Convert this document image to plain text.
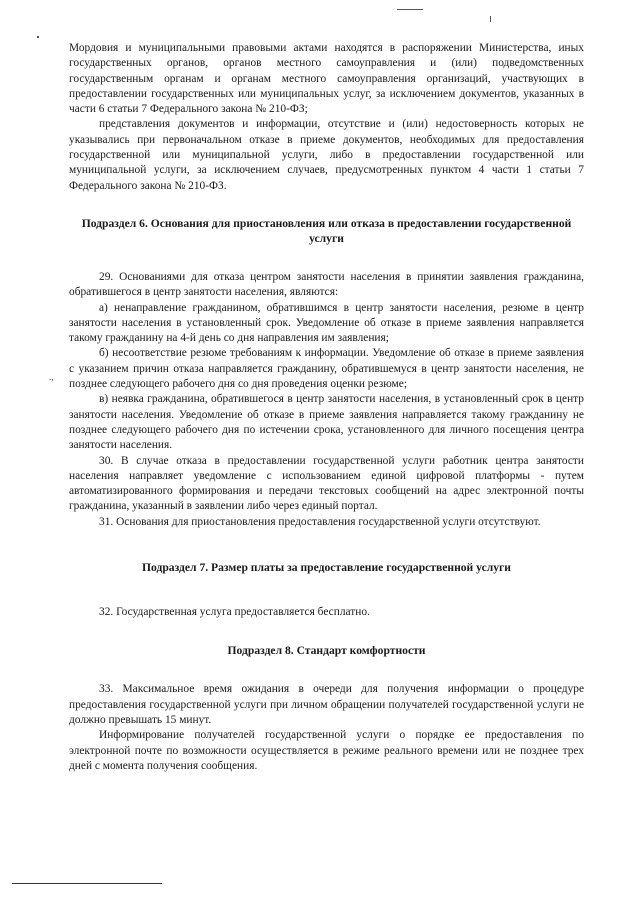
.,

Мордовия и муниципальными правовыми актами находятся в распоряжении Министерства, иных государственных органов, органов местного самоуправления и (или) подведомственных государственным органам и органам местного самоуправления организаций, участвующих в предоставлении государственных или муниципальных услуг, за исключением документов, указанных в части 6 статьи 7 Федерального закона № 210-ФЗ;

представления документов и информации, отсутствие и (или) недостоверность которых не указывались при первоначальном отказе в приеме документов, необходимых для предоставления государственной или муниципальной услуги, либо в предоставлении государственной или муниципальной услуги, за исключением случаев, предусмотренных пунктом 4 части 1 статьи 7 Федерального закона № 210-ФЗ.

Подраздел 6. Основания для приостановления или отказа в предоставлении государственной услуги

29. Основаниями для отказа центром занятости населения в принятии заявления гражданина, обратившегося в центр занятости населения, являются:

а) ненаправление гражданином, обратившимся в центр занятости населения, резюме в центр занятости населения в установленный срок. Уведомление об отказе в приеме заявления направляется такому гражданину на 4-й день со дня направления им заявления;

б) несоответствие резюме требованиям к информации. Уведомление об отказе в приеме заявления с указанием причин отказа направляется гражданину, обратившемуся в центр занятости населения, не позднее следующего рабочего дня со дня проведения оценки резюме;

в) неявка гражданина, обратившегося в центр занятости населения, в установленный срок в центр занятости населения. Уведомление об отказе в приеме заявления направляется такому гражданину не позднее следующего рабочего дня по истечении срока, установленного для личного посещения центра занятости населения.

30. В случае отказа в предоставлении государственной услуги работник центра занятости населения направляет уведомление с использованием единой цифровой платформы - путем автоматизированного формирования и передачи текстовых сообщений на адрес электронной почты гражданина, указанный в заявлении либо через единый портал.

31. Основания для приостановления предоставления государственной услуги отсутствуют.

Подраздел 7. Размер платы за предоставление государственной услуги

32. Государственная услуга предоставляется бесплатно.

Подраздел 8. Стандарт комфортности

33. Максимальное время ожидания в очереди для получения информации о процедуре предоставления государственной услуги при личном обращении получателей государственной услуги не должно превышать 15 минут.

Информирование получателей государственной услуги о порядке ее предоставления по электронной почте по возможности осуществляется в режиме реального времени или не позднее трех дней с момента получения сообщения.
